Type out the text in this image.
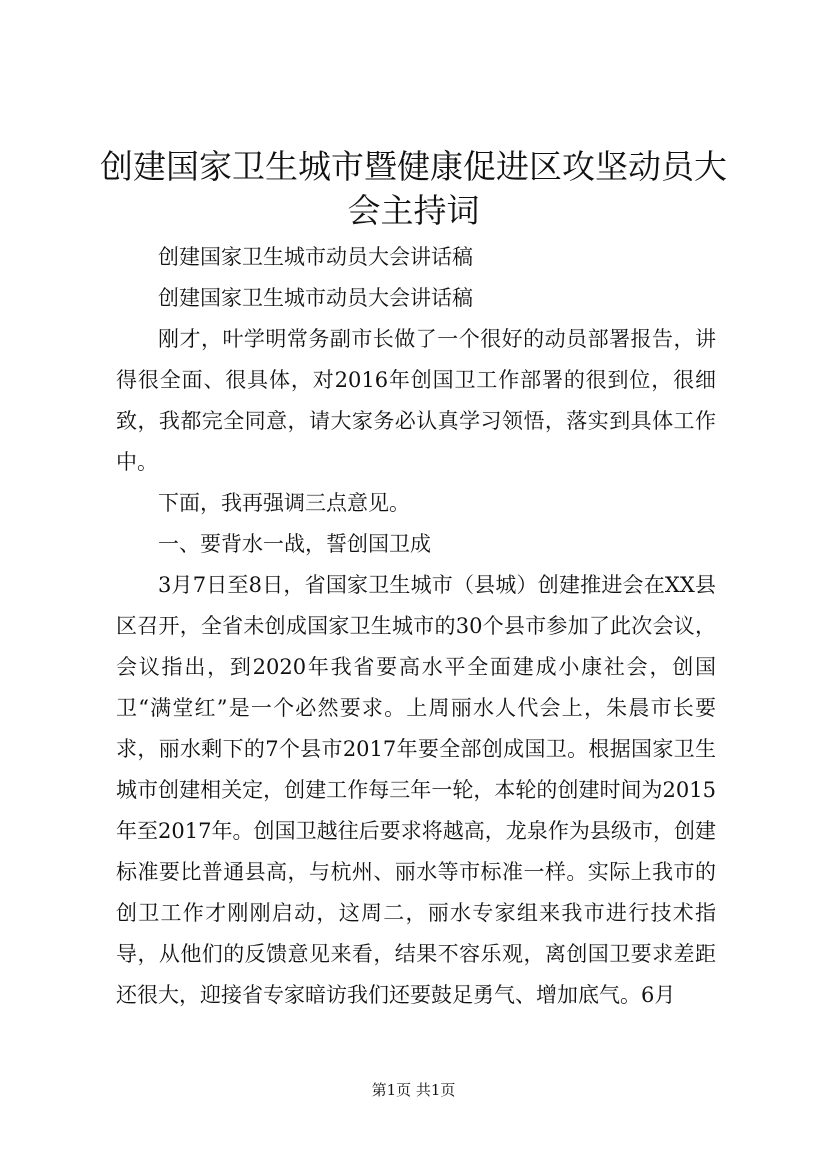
创建国家卫生城市暨健康促进区攻坚动员大会主持词

创建国家卫生城市动员大会讲话稿

创建国家卫生城市动员大会讲话稿

刚才，叶学明常务副市长做了一个很好的动员部署报告，讲得很全面、很具体，对2016年创国卫工作部署的很到位，很细致，我都完全同意，请大家务必认真学习领悟，落实到具体工作中。

下面，我再强调三点意见。

一、要背水一战，誓创国卫成

3月7日至8日，省国家卫生城市（县城）创建推进会在XX县区召开，全省未创成国家卫生城市的30个县市参加了此次会议，会议指出，到2020年我省要高水平全面建成小康社会，创国卫“满堂红”是一个必然要求。上周丽水人代会上，朱晨市长要求，丽水剩下的7个县市2017年要全部创成国卫。根据国家卫生城市创建相关定，创建工作每三年一轮，本轮的创建时间为2015年至2017年。创国卫越往后要求将越高，龙泉作为县级市，创建标准要比普通县高，与杭州、丽水等市标准一样。实际上我市的创卫工作才刚刚启动，这周二，丽水专家组来我市进行技术指导，从他们的反馈意见来看，结果不容乐观，离创国卫要求差距还很大，迎接省专家暗访我们还要鼓足勇气、增加底气。6月

第1页 共1页
